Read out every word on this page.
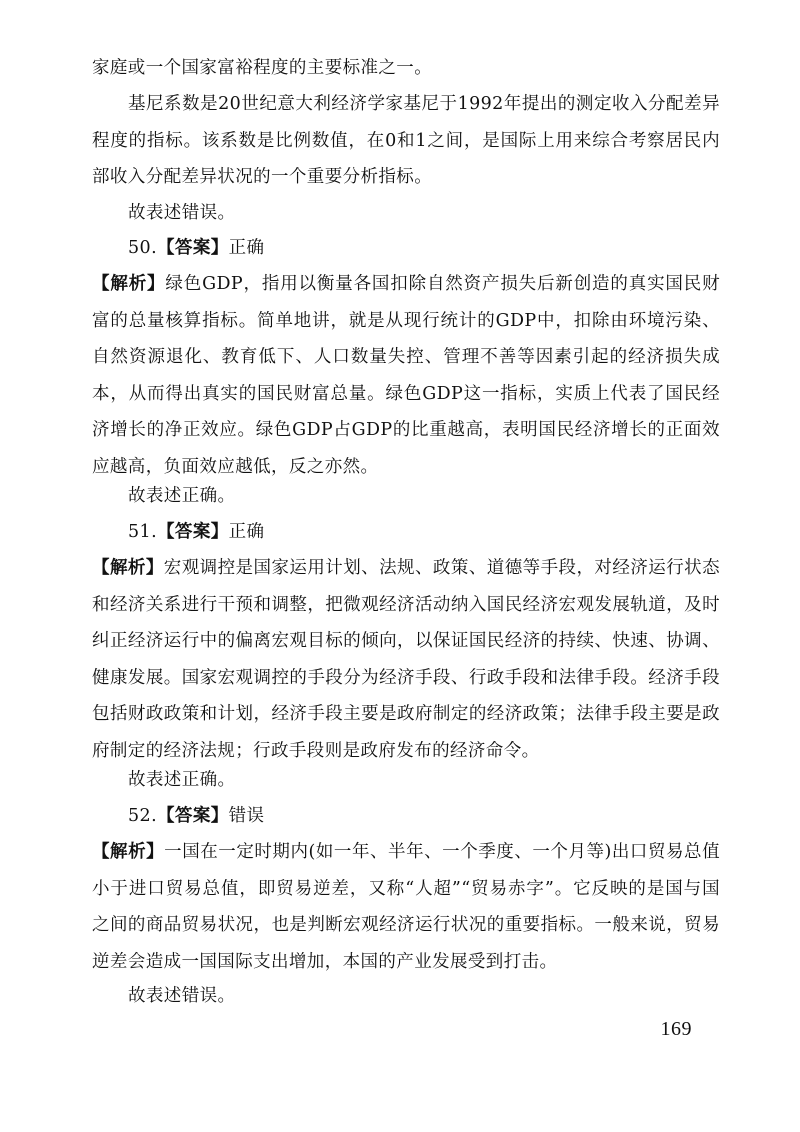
家庭或一个国家富裕程度的主要标准之一。

基尼系数是20世纪意大利经济学家基尼于1992年提出的测定收入分配差异程度的指标。该系数是比例数值，在0和1之间，是国际上用来综合考察居民内部收入分配差异状况的一个重要分析指标。

故表述错误。

50.【答案】正确

【解析】绿色GDP，指用以衡量各国扣除自然资产损失后新创造的真实国民财富的总量核算指标。简单地讲，就是从现行统计的GDP中，扣除由环境污染、自然资源退化、教育低下、人口数量失控、管理不善等因素引起的经济损失成本，从而得出真实的国民财富总量。绿色GDP这一指标，实质上代表了国民经济增长的净正效应。绿色GDP占GDP的比重越高，表明国民经济增长的正面效应越高，负面效应越低，反之亦然。

故表述正确。

51.【答案】正确

【解析】宏观调控是国家运用计划、法规、政策、道德等手段，对经济运行状态和经济关系进行干预和调整，把微观经济活动纳入国民经济宏观发展轨道，及时纠正经济运行中的偏离宏观目标的倾向，以保证国民经济的持续、快速、协调、健康发展。国家宏观调控的手段分为经济手段、行政手段和法律手段。经济手段包括财政政策和计划，经济手段主要是政府制定的经济政策；法律手段主要是政府制定的经济法规；行政手段则是政府发布的经济命令。

故表述正确。

52.【答案】错误

【解析】一国在一定时期内(如一年、半年、一个季度、一个月等)出口贸易总值小于进口贸易总值，即贸易逆差，又称“人超”“贸易赤字”。它反映的是国与国之间的商品贸易状况，也是判断宏观经济运行状况的重要指标。一般来说，贸易逆差会造成一国国际支出增加，本国的产业发展受到打击。

故表述错误。

169
